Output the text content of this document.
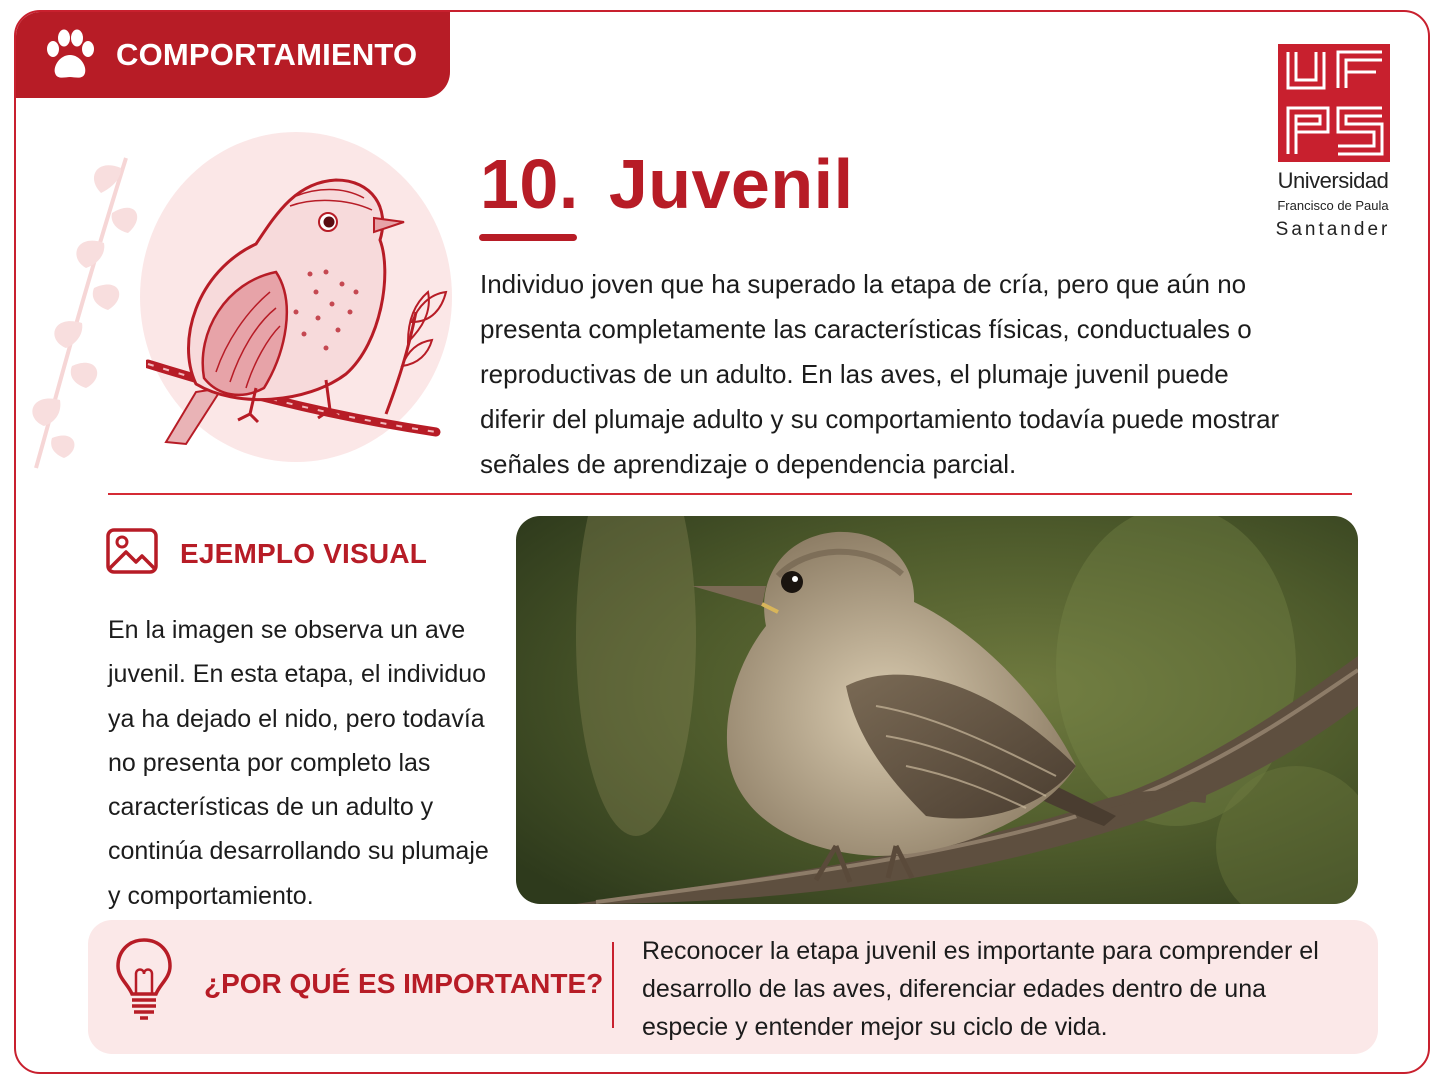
COMPORTAMIENTO
10. Juvenil
Individuo joven que ha superado la etapa de cría, pero que aún no presenta completamente las características físicas, conductuales o reproductivas de un adulto. En las aves, el plumaje juvenil puede diferir del plumaje adulto y su comportamiento todavía puede mostrar señales de aprendizaje o dependencia parcial.
Universidad
Francisco de Paula
Santander
EJEMPLO VISUAL
En la imagen se observa un ave juvenil. En esta etapa, el individuo ya ha dejado el nido, pero todavía no presenta por completo las características de un adulto y continúa desarrollando su plumaje y comportamiento.
¿POR QUÉ ES IMPORTANTE?
Reconocer la etapa juvenil es importante para comprender el desarrollo de las aves, diferenciar edades dentro de una especie y entender mejor su ciclo de vida.
